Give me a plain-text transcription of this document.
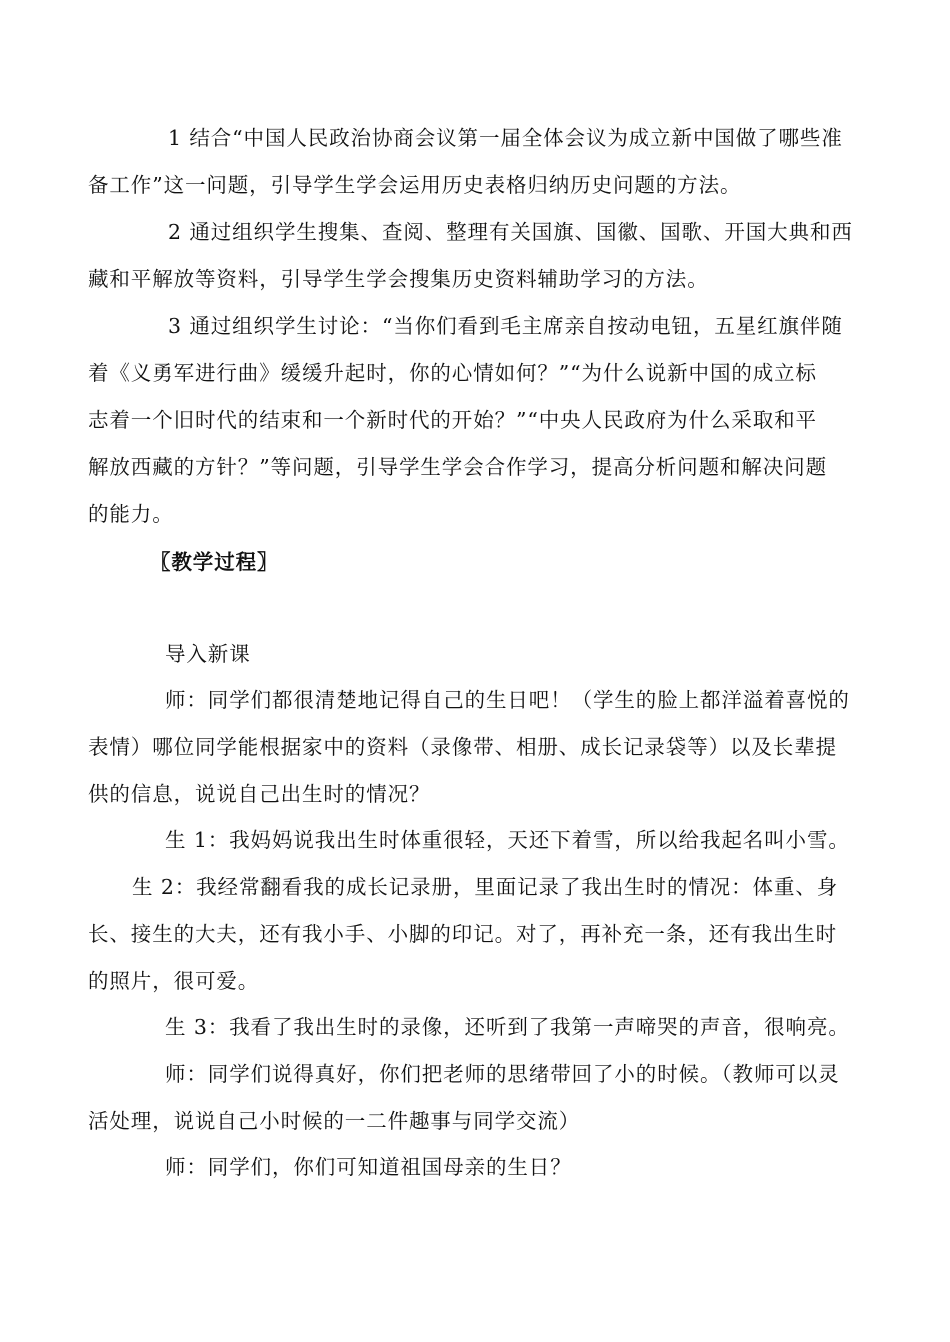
1 结合“中国人民政治协商会议第一届全体会议为成立新中国做了哪些准
备工作”这一问题，引导学生学会运用历史表格归纳历史问题的方法。
2 通过组织学生搜集、查阅、整理有关国旗、国徽、国歌、开国大典和西
藏和平解放等资料，引导学生学会搜集历史资料辅助学习的方法。
3 通过组织学生讨论：“当你们看到毛主席亲自按动电钮，五星红旗伴随
着《义勇军进行曲》缓缓升起时，你的心情如何？”“为什么说新中国的成立标
志着一个旧时代的结束和一个新时代的开始？”“中央人民政府为什么采取和平
解放西藏的方针？”等问题，引导学生学会合作学习，提高分析问题和解决问题
的能力。
〖教学过程〗
导入新课
师：同学们都很清楚地记得自己的生日吧！（学生的脸上都洋溢着喜悦的
表情）哪位同学能根据家中的资料（录像带、相册、成长记录袋等）以及长辈提
供的信息，说说自己出生时的情况？
生 1：我妈妈说我出生时体重很轻，天还下着雪，所以给我起名叫小雪。
生 2：我经常翻看我的成长记录册，里面记录了我出生时的情况：体重、身
长、接生的大夫，还有我小手、小脚的印记。对了，再补充一条，还有我出生时
的照片，很可爱。
生 3：我看了我出生时的录像，还听到了我第一声啼哭的声音，很响亮。
师：同学们说得真好，你们把老师的思绪带回了小的时候。（教师可以灵
活处理，说说自己小时候的一二件趣事与同学交流）
师：同学们，你们可知道祖国母亲的生日？
